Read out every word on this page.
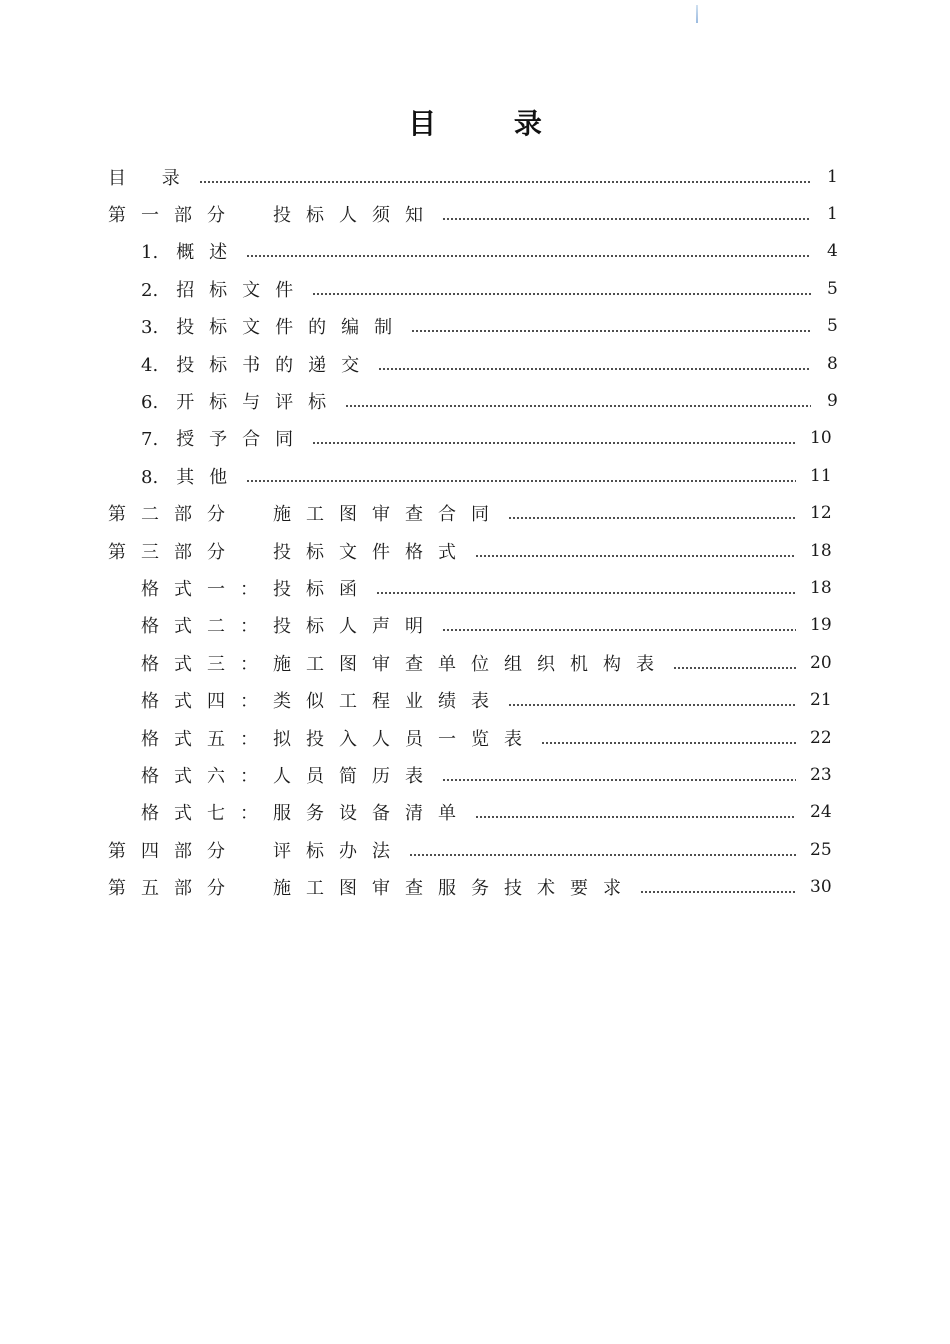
目 录
目 录	1
第一部分　投标人须知	1
1. 概述	4
2. 招标文件	5
3. 投标文件的编制	5
4. 投标书的递交	8
6. 开标与评标	9
7. 授予合同	10
8. 其他	11
第二部分　施工图审查合同	12
第三部分　投标文件格式	18
格式一：投标函	18
格式二：投标人声明	19
格式三：施工图审查单位组织机构表	20
格式四：类似工程业绩表	21
格式五：拟投入人员一览表	22
格式六：人员简历表	23
格式七：服务设备清单	24
第四部分　评标办法	25
第五部分　施工图审查服务技术要求	30
